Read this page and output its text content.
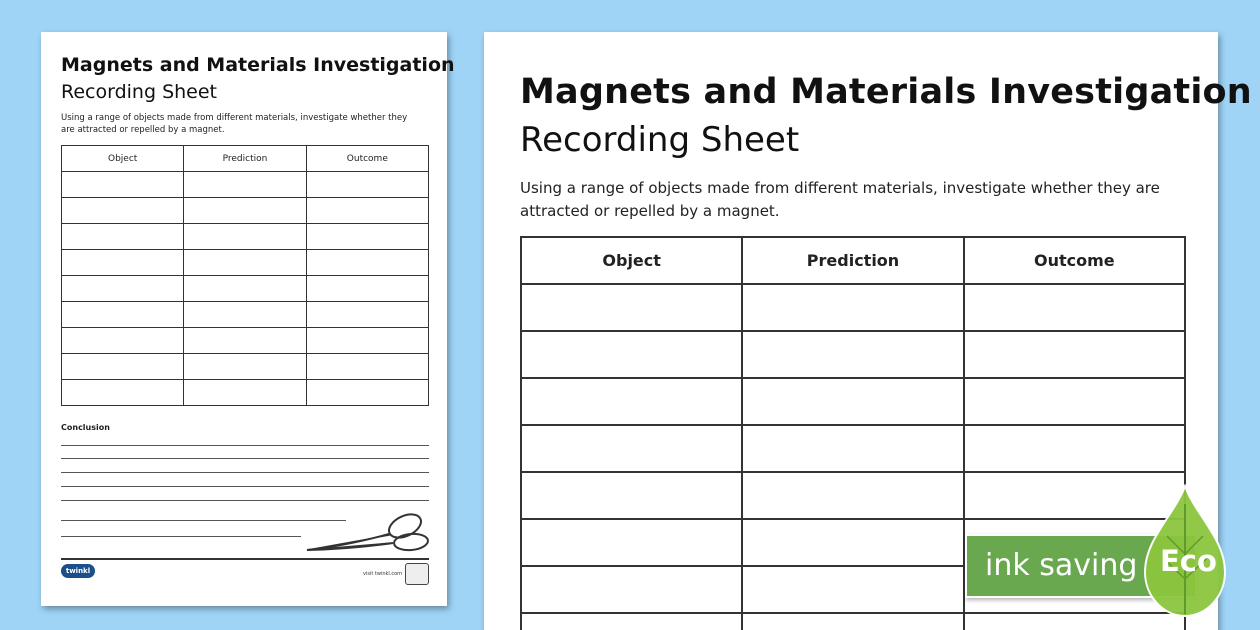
Magnets and Materials Investigation
Recording Sheet
Using a range of objects made from different materials, investigate whether they are attracted or repelled by a magnet.
Object	Prediction	Outcome

Conclusion
twinkl	visit twinkl.com
Magnets and Materials Investigation
Recording Sheet
Using a range of objects made from different materials, investigate whether they are
attracted or repelled by a magnet.
Object	Prediction	Outcome

ink saving Eco
